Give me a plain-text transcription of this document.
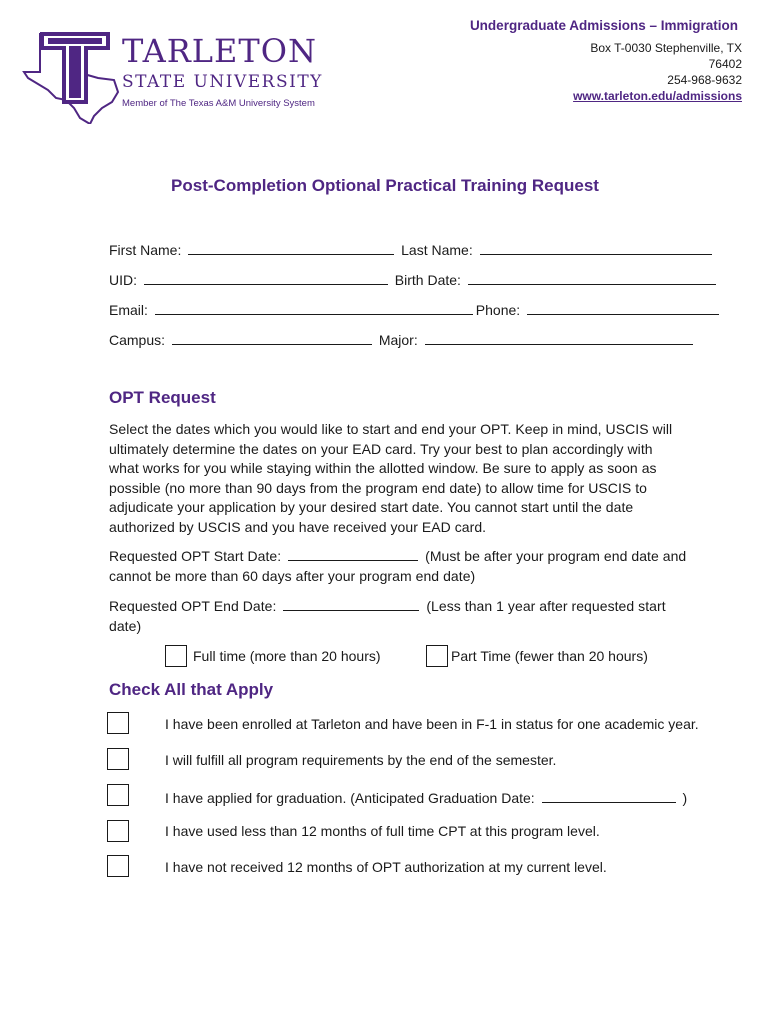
TARLETON
STATE UNIVERSITY
Member of The Texas A&M University System
Undergraduate Admissions – Immigration
Box T-0030 Stephenville, TX
76402
254-968-9632
www.tarleton.edu/admissions
Post-Completion Optional Practical Training Request
First Name:	Last Name:
UID:	Birth Date:
Email:	Phone:
Campus:	Major:
OPT Request
Select the dates which you would like to start and end your OPT. Keep in mind, USCIS will
ultimately determine the dates on your EAD card. Try your best to plan accordingly with
what works for you while staying within the allotted window. Be sure to apply as soon as
possible (no more than 90 days from the program end date) to allow time for USCIS to
adjudicate your application by your desired start date. You cannot start until the date
authorized by USCIS and you have received your EAD card.
Requested OPT Start Date:	(Must be after your program end date and
cannot be more than 60 days after your program end date)
Requested OPT End Date:	(Less than 1 year after requested start
date)
Full time (more than 20 hours)	Part Time (fewer than 20 hours)
Check All that Apply
I have been enrolled at Tarleton and have been in F-1 in status for one academic year.
I will fulfill all program requirements by the end of the semester.
I have applied for graduation. (Anticipated Graduation Date:	)
I have used less than 12 months of full time CPT at this program level.
I have not received 12 months of OPT authorization at my current level.
